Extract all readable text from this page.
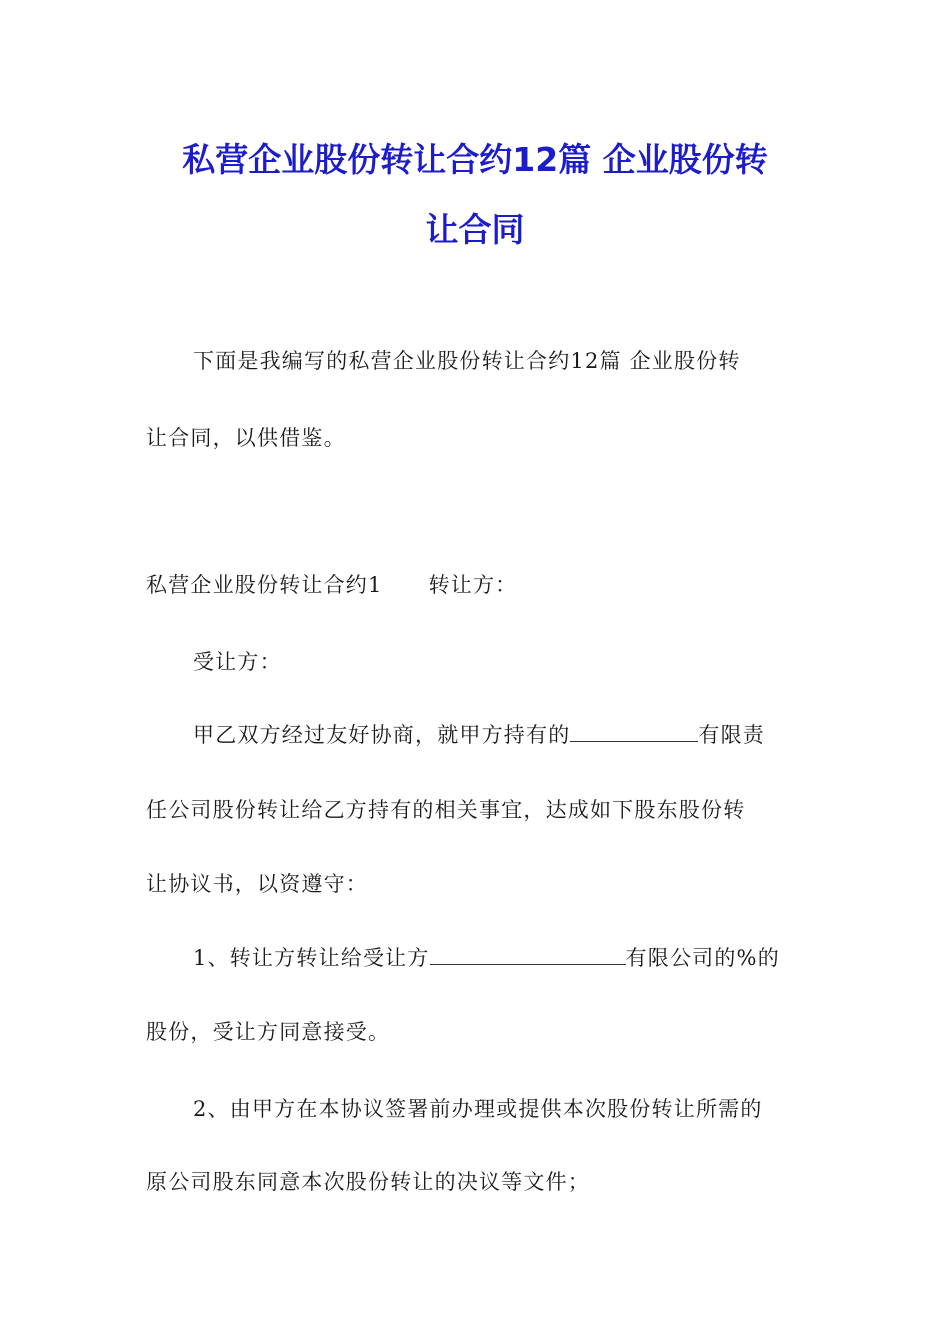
私营企业股份转让合约12篇 企业股份转
让合同

下面是我编写的私营企业股份转让合约12篇 企业股份转

让合同，以供借鉴。

私营企业股份转让合约1 转让方：

受让方：

甲乙双方经过友好协商，就甲方持有的	有限责

任公司股份转让给乙方持有的相关事宜，达成如下股东股份转

让协议书，以资遵守：

1、转让方转让给受让方	有限公司的%的

股份，受让方同意接受。

2、由甲方在本协议签署前办理或提供本次股份转让所需的

原公司股东同意本次股份转让的决议等文件；
